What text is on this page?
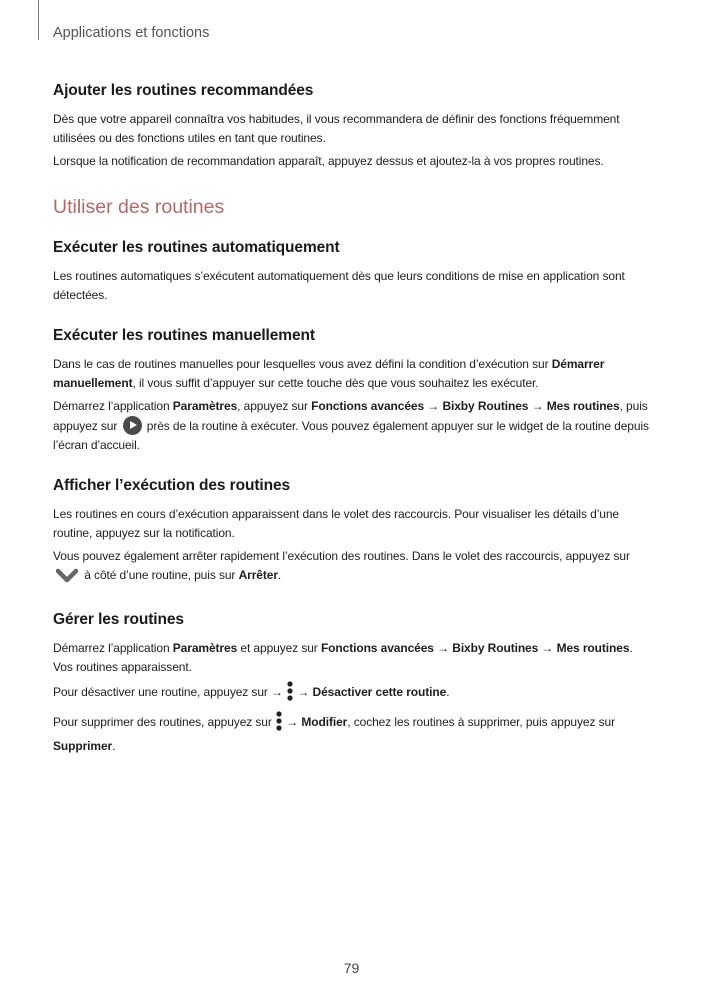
Applications et fonctions
Ajouter les routines recommandées

Dès que votre appareil connaîtra vos habitudes, il vous recommandera de définir des fonctions fréquemment utilisées ou des fonctions utiles en tant que routines.

Lorsque la notification de recommandation apparaît, appuyez dessus et ajoutez-la à vos propres routines.

Utiliser des routines
Exécuter les routines automatiquement

Les routines automatiques s’exécutent automatiquement dès que leurs conditions de mise en application sont détectées.

Exécuter les routines manuellement

Dans le cas de routines manuelles pour lesquelles vous avez défini la condition d’exécution sur Démarrer manuellement, il vous suffit d’appuyer sur cette touche dès que vous souhaitez les exécuter.

Démarrez l’application Paramètres, appuyez sur Fonctions avancées → Bixby Routines → Mes routines, puis appuyez sur  près de la routine à exécuter. Vous pouvez également appuyer sur le widget de la routine depuis l’écran d’accueil.

Afficher l’exécution des routines

Les routines en cours d’exécution apparaissent dans le volet des raccourcis. Pour visualiser les détails d’une routine, appuyez sur la notification.

Vous pouvez également arrêter rapidement l’exécution des routines. Dans le volet des raccourcis, appuyez sur  à côté d’une routine, puis sur Arrêter.

Gérer les routines

Démarrez l’application Paramètres et appuyez sur Fonctions avancées → Bixby Routines → Mes routines. Vos routines apparaissent.

Pour désactiver une routine, appuyez sur →  → Désactiver cette routine.

Pour supprimer des routines, appuyez sur  → Modifier, cochez les routines à supprimer, puis appuyez sur Supprimer.

79
